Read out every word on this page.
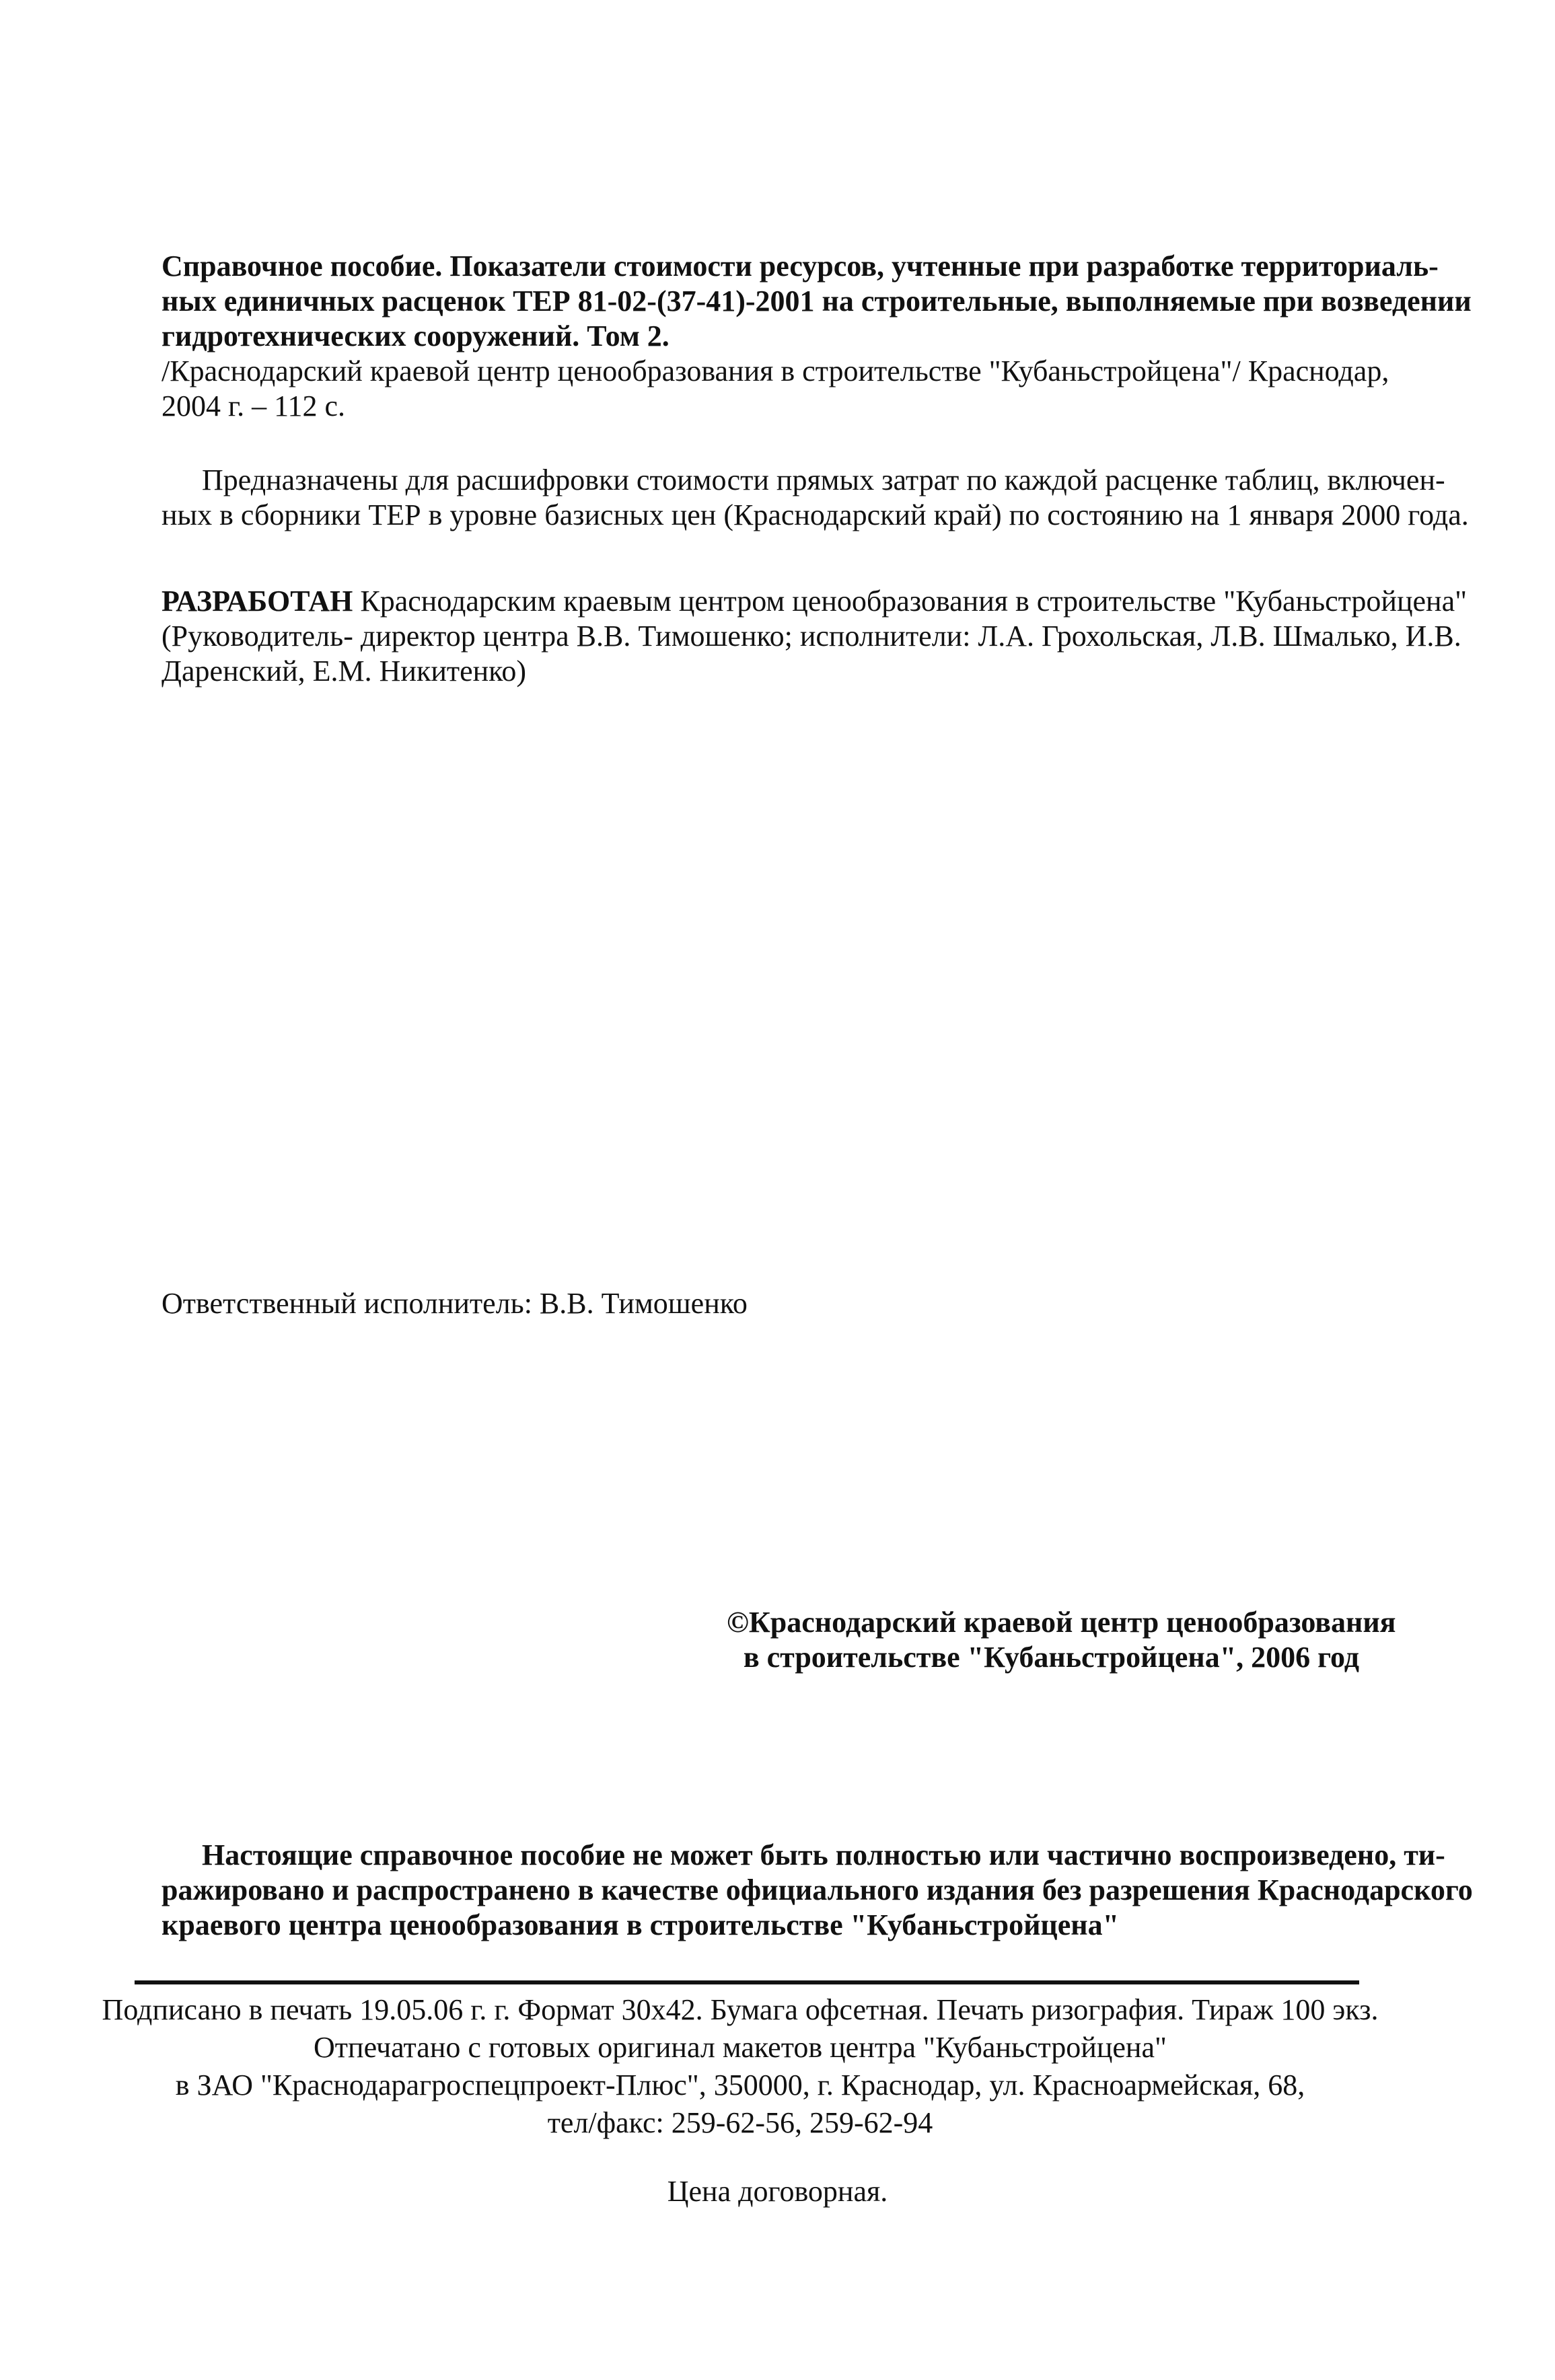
Справочное пособие. Показатели стоимости ресурсов, учтенные при разработке территориаль-
ных единичных расценок ТЕР 81-02-(37-41)-2001 на строительные, выполняемые при возведении
гидротехнических сооружений. Том 2.
/Краснодарский краевой центр ценообразования в строительстве "Кубаньстройцена"/ Краснодар,
2004 г. – 112 с.
Предназначены для расшифровки стоимости прямых затрат по каждой расценке таблиц, включен-
ных в сборники ТЕР в уровне базисных цен (Краснодарский край) по состоянию на 1 января 2000 года.
РАЗРАБОТАН Краснодарским краевым центром ценообразования в строительстве "Кубаньстройцена"
(Руководитель- директор центра В.В. Тимошенко; исполнители: Л.А. Грохольская, Л.В. Шмалько, И.В.
Даренский, Е.М. Никитенко)
Ответственный исполнитель: В.В. Тимошенко
©Краснодарский краевой центр ценообразования
в строительстве "Кубаньстройцена", 2006 год
Настоящие справочное пособие не может быть полностью или частично воспроизведено, ти-
ражировано и распространено в качестве официального издания без разрешения Краснодарского
краевого центра ценообразования в строительстве "Кубаньстройцена"
Подписано в печать 19.05.06 г. г. Формат 30x42. Бумага офсетная. Печать ризография. Тираж 100 экз.
Отпечатано с готовых оригинал макетов центра "Кубаньстройцена"
в ЗАО "Краснодарагроспецпроект-Плюс", 350000, г. Краснодар, ул. Красноармейская, 68,
тел/факс: 259-62-56, 259-62-94
Цена договорная.
